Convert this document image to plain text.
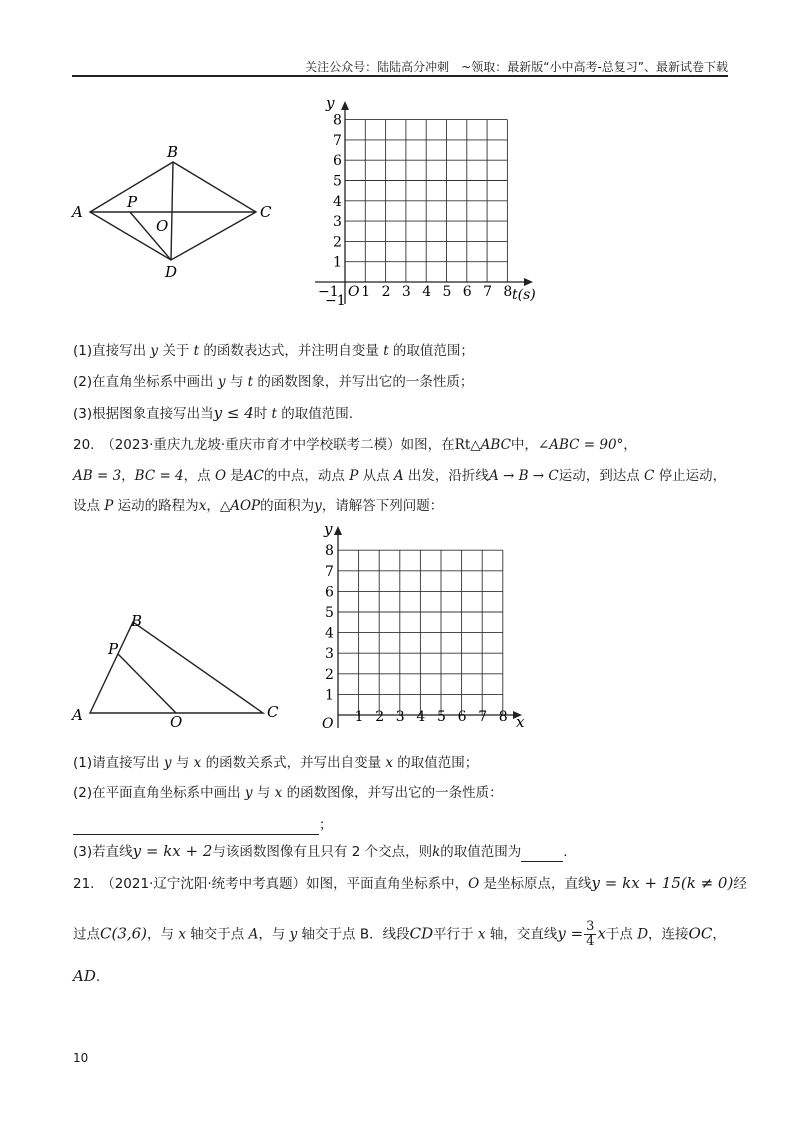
关注公众号：陆陆高分冲刺　~领取：最新版“小中高考-总复习”、最新试卷下载
A
B
C
D
P
O
y
t(s)
O
−1
−1
1 2 3 4 5 6 7 8
1
2
3
4
5
6
7
8
(1)直接写出 y 关于 t 的函数表达式，并注明自变量 t 的取值范围；
(2)在直角坐标系中画出 y 与 t 的函数图象，并写出它的一条性质；
(3)根据图象直接写出当y ≤ 4时 t 的取值范围.
20.　（2023·重庆九龙坡·重庆市育才中学校联考二模）如图，在Rt△ABC中，∠ABC = 90°，
AB = 3，BC = 4，点 O 是AC的中点，动点 P 从点 A 出发，沿折线A → B → C运动，到达点 C 停止运动，
设点 P 运动的路程为x，△AOP的面积为y，请解答下列问题：
A
B
C
P
O
y
x
O 1 2 3 4 5 6 7 8
1
2
3
4
5
6
7
8
(1)请直接写出 y 与 x 的函数关系式，并写出自变量 x 的取值范围；
(2)在平面直角坐标系中画出 y 与 x 的函数图像，并写出它的一条性质：
；
(3)若直线y = kx + 2与该函数图像有且只有 2 个交点，则k的取值范围为	.
21.　（2021·辽宁沈阳·统考中考真题）如图，平面直角坐标系中，O 是坐标原点，直线y = kx + 15(k ≠ 0)经
过点C(3,6)，与 x 轴交于点 A，与 y 轴交于点 B．线段CD平行于 x 轴，交直线$y = \frac{3}{4}$ x于点 D，连接OC，
AD.
10
